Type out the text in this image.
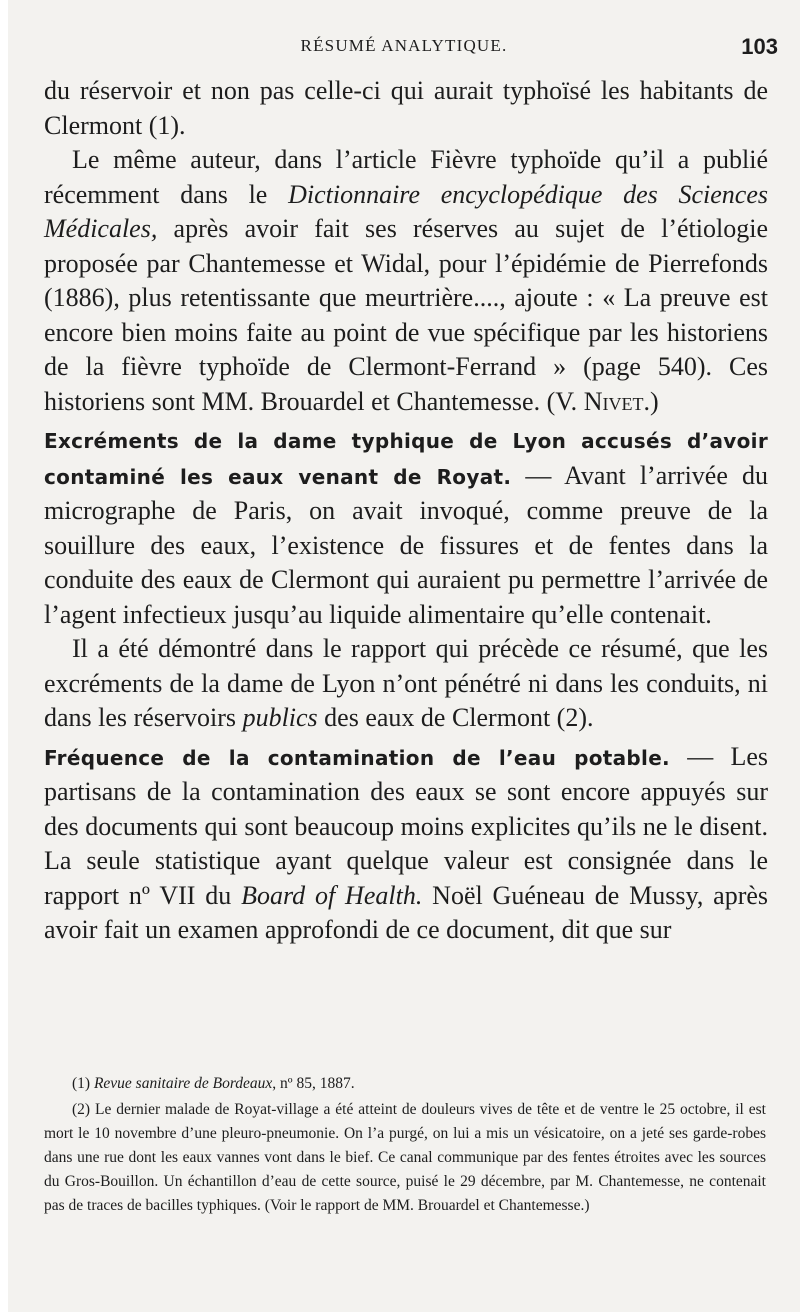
RÉSUMÉ ANALYTIQUE.	103

du réservoir et non pas celle-ci qui aurait typhoïsé les habitants de Clermont (1).

Le même auteur, dans l’article Fièvre typhoïde qu’il a publié récemment dans le Dictionnaire encyclopédique des Sciences Médicales, après avoir fait ses réserves au sujet de l’étiologie proposée par Chantemesse et Widal, pour l’épidémie de Pierrefonds (1886), plus retentissante que meurtrière...., ajoute : « La preuve est encore bien moins faite au point de vue spécifique par les historiens de la fièvre typhoïde de Clermont-Ferrand » (page 540). Ces historiens sont MM. Brouardel et Chantemesse. (V. Nivet.)

Excréments de la dame typhique de Lyon accusés d’avoir contaminé les eaux venant de Royat. — Avant l’arrivée du micrographe de Paris, on avait invoqué, comme preuve de la souillure des eaux, l’existence de fissures et de fentes dans la conduite des eaux de Clermont qui auraient pu permettre l’arrivée de l’agent infectieux jusqu’au liquide alimentaire qu’elle contenait.

Il a été démontré dans le rapport qui précède ce résumé, que les excréments de la dame de Lyon n’ont pénétré ni dans les conduits, ni dans les réservoirs publics des eaux de Clermont (2).

Fréquence de la contamination de l’eau potable. — Les partisans de la contamination des eaux se sont encore appuyés sur des documents qui sont beaucoup moins explicites qu’ils ne le disent. La seule statistique ayant quelque valeur est consignée dans le rapport nº VII du Board of Health. Noël Guéneau de Mussy, après avoir fait un examen approfondi de ce document, dit que sur

(1) Revue sanitaire de Bordeaux, nº 85, 1887.

(2) Le dernier malade de Royat-village a été atteint de douleurs vives de tête et de ventre le 25 octobre, il est mort le 10 novembre d’une pleuro-pneumonie. On l’a purgé, on lui a mis un vésicatoire, on a jeté ses garde-robes dans une rue dont les eaux vannes vont dans le bief. Ce canal communique par des fentes étroites avec les sources du Gros-Bouillon. Un échantillon d’eau de cette source, puisé le 29 décembre, par M. Chantemesse, ne contenait pas de traces de bacilles typhiques. (Voir le rapport de MM. Brouardel et Chantemesse.)
